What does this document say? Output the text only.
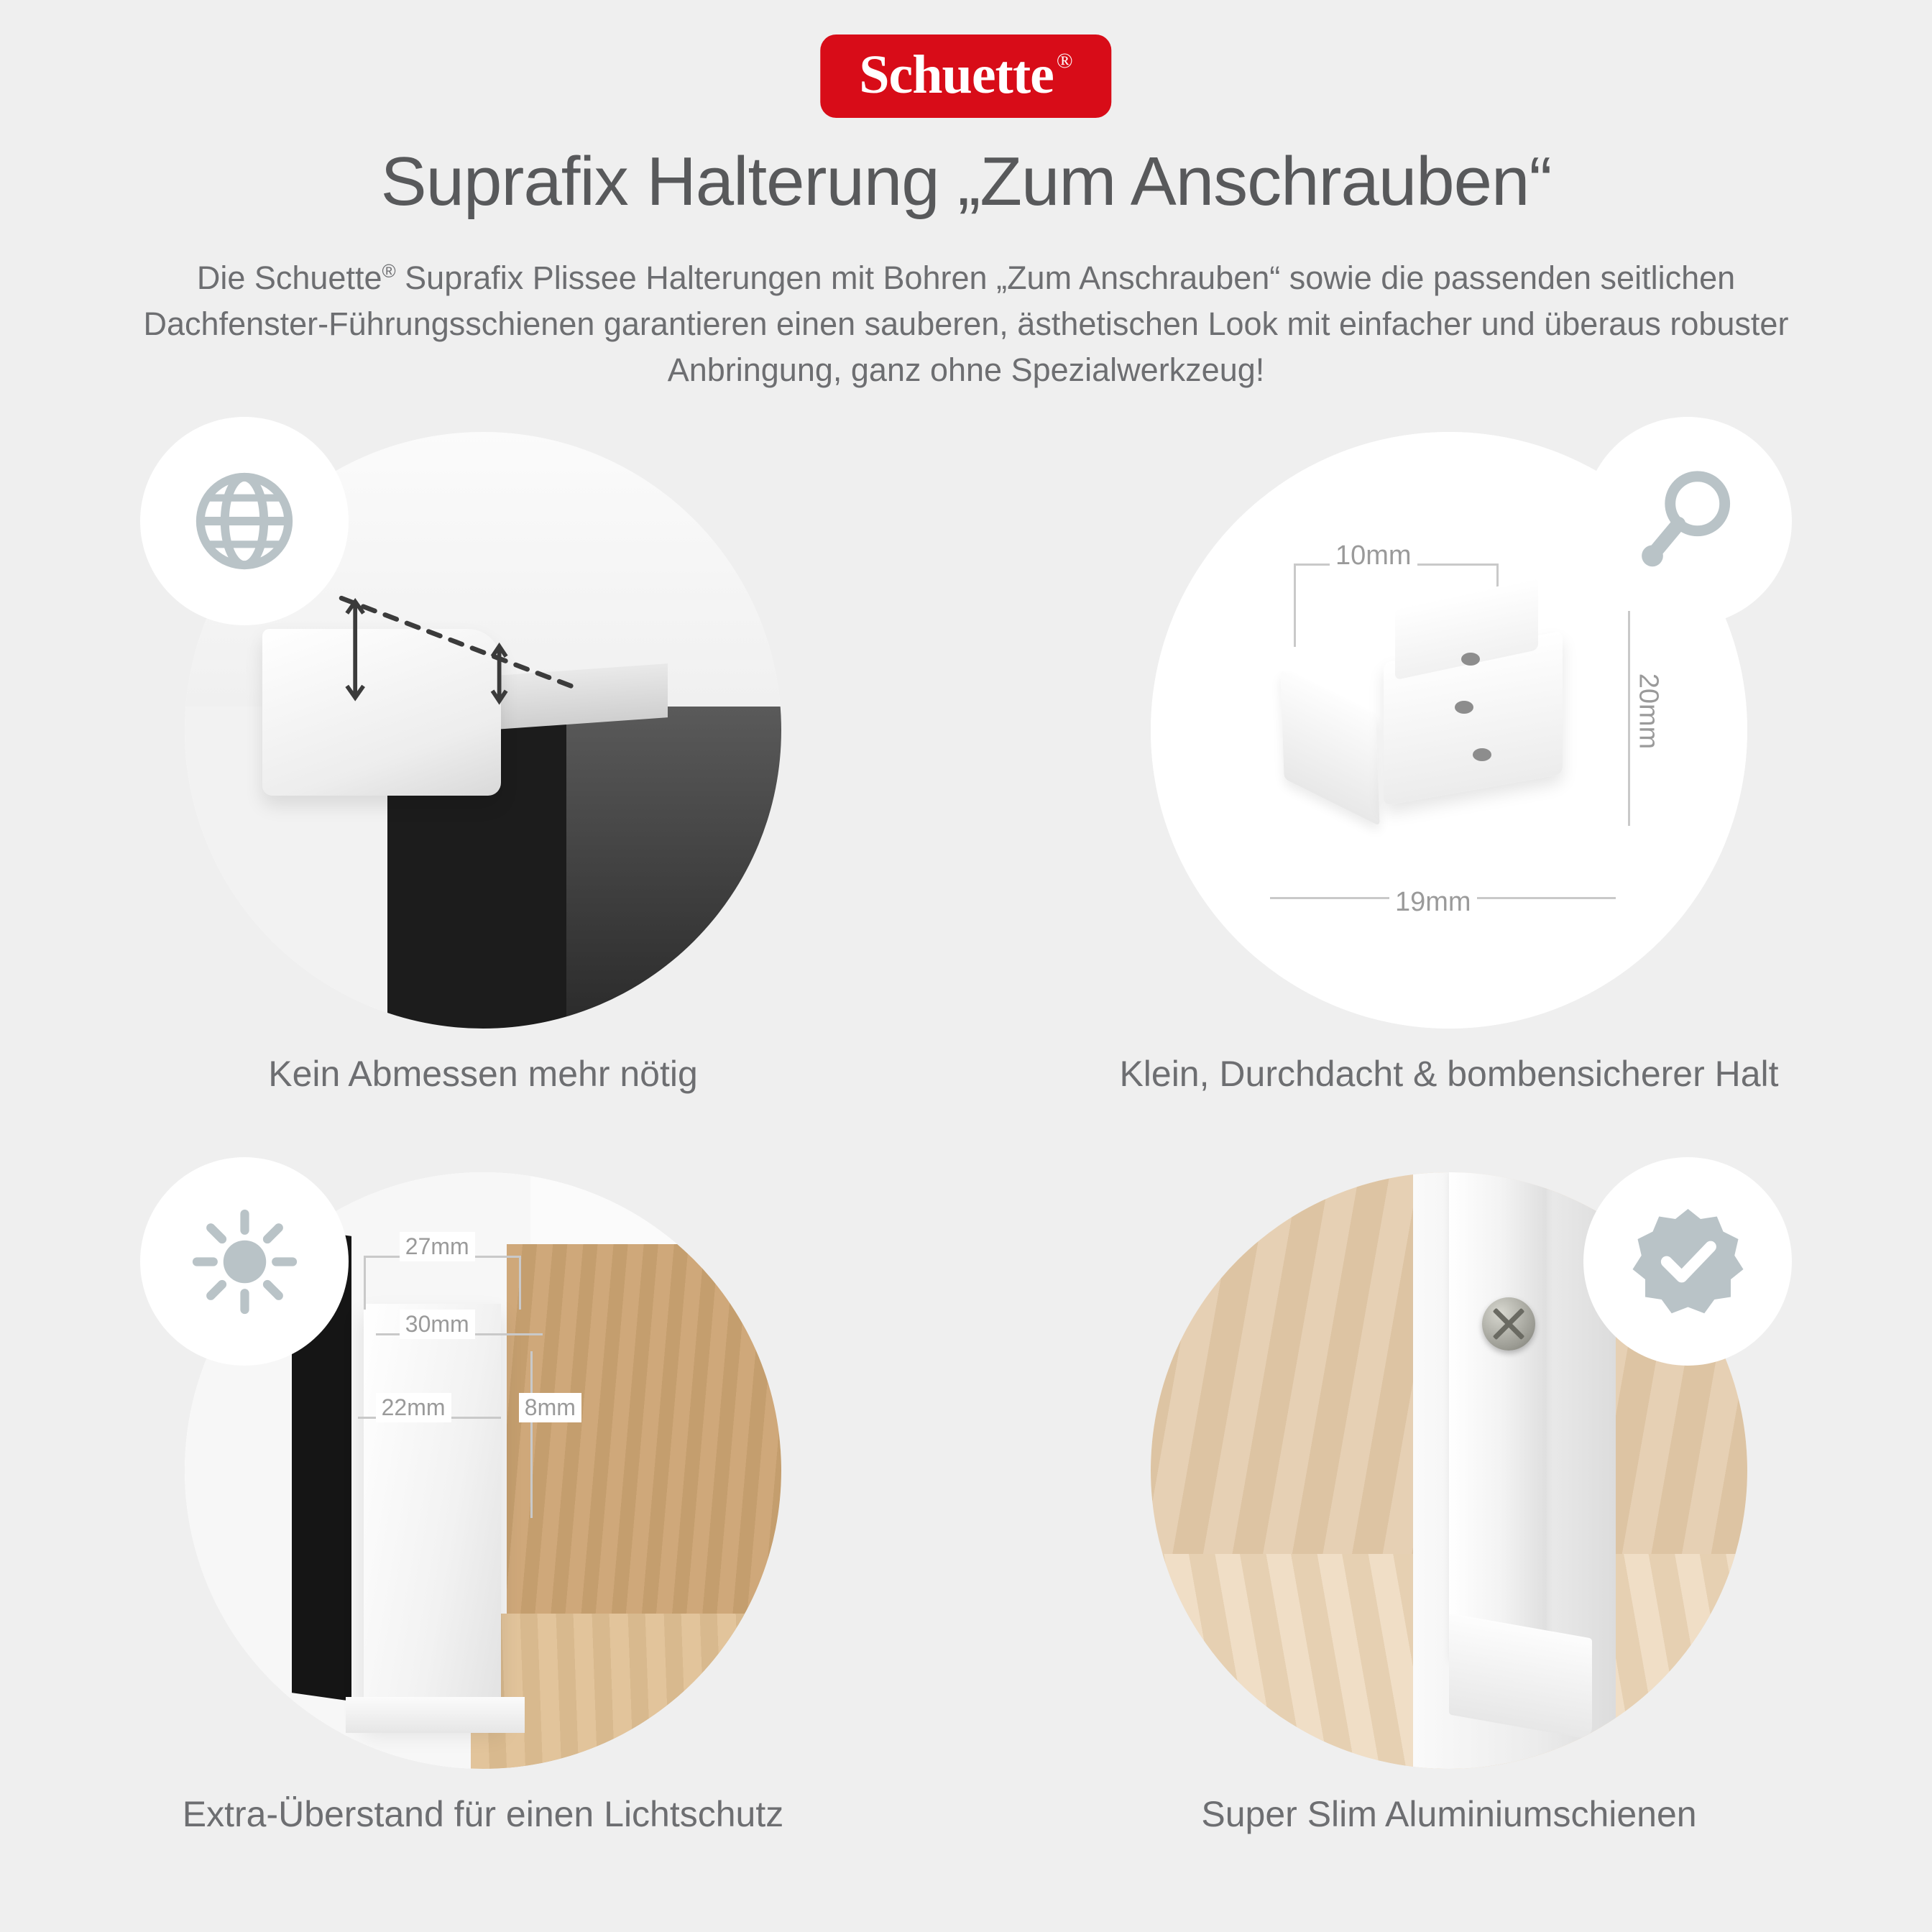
Schuette ®
Suprafix Halterung „Zum Anschrauben“

Die Schuette® Suprafix Plissee Halterungen mit Bohren „Zum Anschrauben“ sowie die passenden seitlichen Dachfenster-Führungsschienen garantieren einen sauberen, ästhetischen Look mit einfacher und überaus robuster Anbringung, ganz ohne Spezialwerkzeug!

Kein Abmessen mehr nötig
10mm
20mm
19mm
Klein, Durchdacht & bombensicherer Halt
27mm
30mm
22mm	8mm
Extra-Überstand für einen Lichtschutz	Super Slim Aluminiumschienen
